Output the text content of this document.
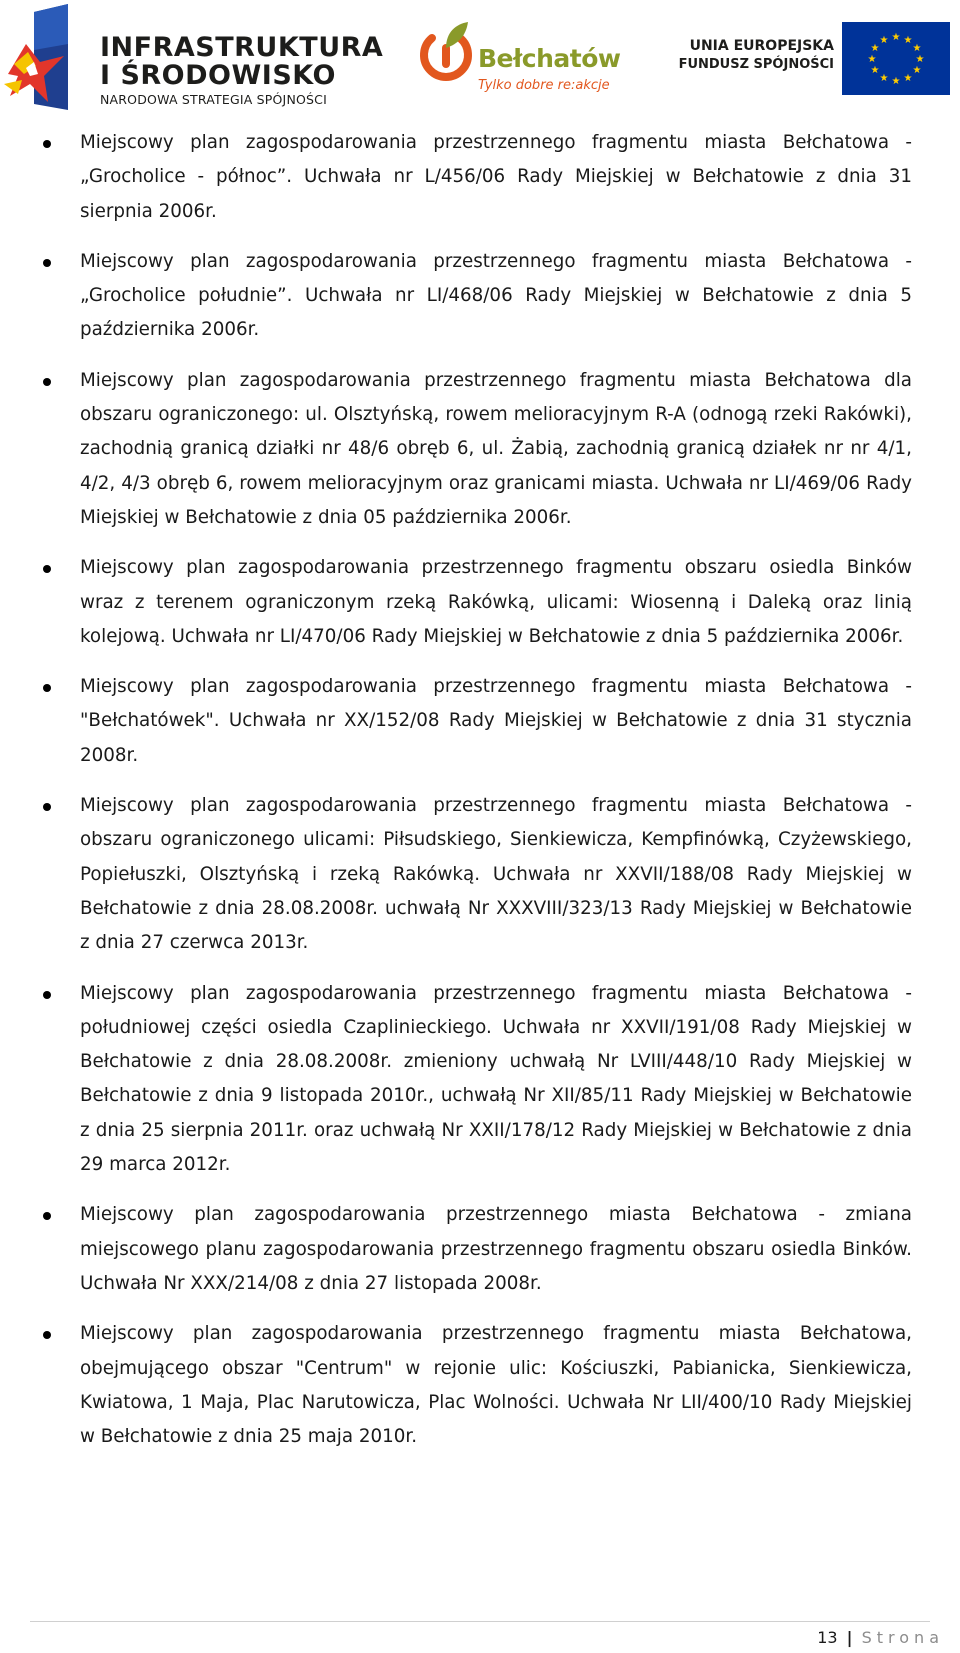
INFRASTRUKTURA
I ŚRODOWISKO
NARODOWA STRATEGIA SPÓJNOŚCI
Bełchatów
Tylko dobre re:akcje
UNIA EUROPEJSKA
FUNDUSZ SPÓJNOŚCI
★ ★
★
★
★
★
★
★
★
★
★
★
Miejscowy plan zagospodarowania przestrzennego fragmentu miasta Bełchatowa - „Grocholice - północ”. Uchwała nr L/456/06 Rady Miejskiej w Bełchatowie z dnia 31 sierpnia 2006r.
Miejscowy plan zagospodarowania przestrzennego fragmentu miasta Bełchatowa - „Grocholice południe”. Uchwała nr LI/468/06 Rady Miejskiej w Bełchatowie z dnia 5 października 2006r.
Miejscowy plan zagospodarowania przestrzennego fragmentu miasta Bełchatowa dla obszaru ograniczonego: ul. Olsztyńską, rowem melioracyjnym R-A (odnogą rzeki Rakówki), zachodnią granicą działki nr 48/6 obręb 6, ul. Żabią, zachodnią granicą działek nr nr 4/1, 4/2, 4/3 obręb 6, rowem melioracyjnym oraz granicami miasta. Uchwała nr LI/469/06 Rady Miejskiej w Bełchatowie z dnia 05 października 2006r.
Miejscowy plan zagospodarowania przestrzennego fragmentu obszaru osiedla Binków wraz z terenem ograniczonym rzeką Rakówką, ulicami: Wiosenną i Daleką oraz linią kolejową. Uchwała nr LI/470/06 Rady Miejskiej w Bełchatowie z dnia 5 października 2006r.
Miejscowy plan zagospodarowania przestrzennego fragmentu miasta Bełchatowa - "Bełchatówek". Uchwała nr XX/152/08 Rady Miejskiej w Bełchatowie z dnia 31 stycznia 2008r.
Miejscowy plan zagospodarowania przestrzennego fragmentu miasta Bełchatowa - obszaru ograniczonego ulicami: Piłsudskiego, Sienkiewicza, Kempfinówką, Czyżewskiego, Popiełuszki, Olsztyńską i rzeką Rakówką. Uchwała nr XXVII/188/08 Rady Miejskiej w Bełchatowie z dnia 28.08.2008r. uchwałą Nr XXXVIII/323/13 Rady Miejskiej w Bełchatowie z dnia 27 czerwca 2013r.
Miejscowy plan zagospodarowania przestrzennego fragmentu miasta Bełchatowa - południowej części osiedla Czaplinieckiego. Uchwała nr XXVII/191/08 Rady Miejskiej w Bełchatowie z dnia 28.08.2008r. zmieniony uchwałą Nr LVIII/448/10 Rady Miejskiej w Bełchatowie z dnia 9 listopada 2010r., uchwałą Nr XII/85/11 Rady Miejskiej w Bełchatowie z dnia 25 sierpnia 2011r. oraz uchwałą Nr XXII/178/12 Rady Miejskiej w Bełchatowie z dnia 29 marca 2012r.
Miejscowy plan zagospodarowania przestrzennego miasta Bełchatowa - zmiana miejscowego planu zagospodarowania przestrzennego fragmentu obszaru osiedla Binków. Uchwała Nr XXX/214/08 z dnia 27 listopada 2008r.
Miejscowy plan zagospodarowania przestrzennego fragmentu miasta Bełchatowa, obejmującego obszar "Centrum" w rejonie ulic: Kościuszki, Pabianicka, Sienkiewicza, Kwiatowa, 1 Maja, Plac Narutowicza, Plac Wolności. Uchwała Nr LII/400/10 Rady Miejskiej w Bełchatowie z dnia 25 maja 2010r.
13 | Strona
